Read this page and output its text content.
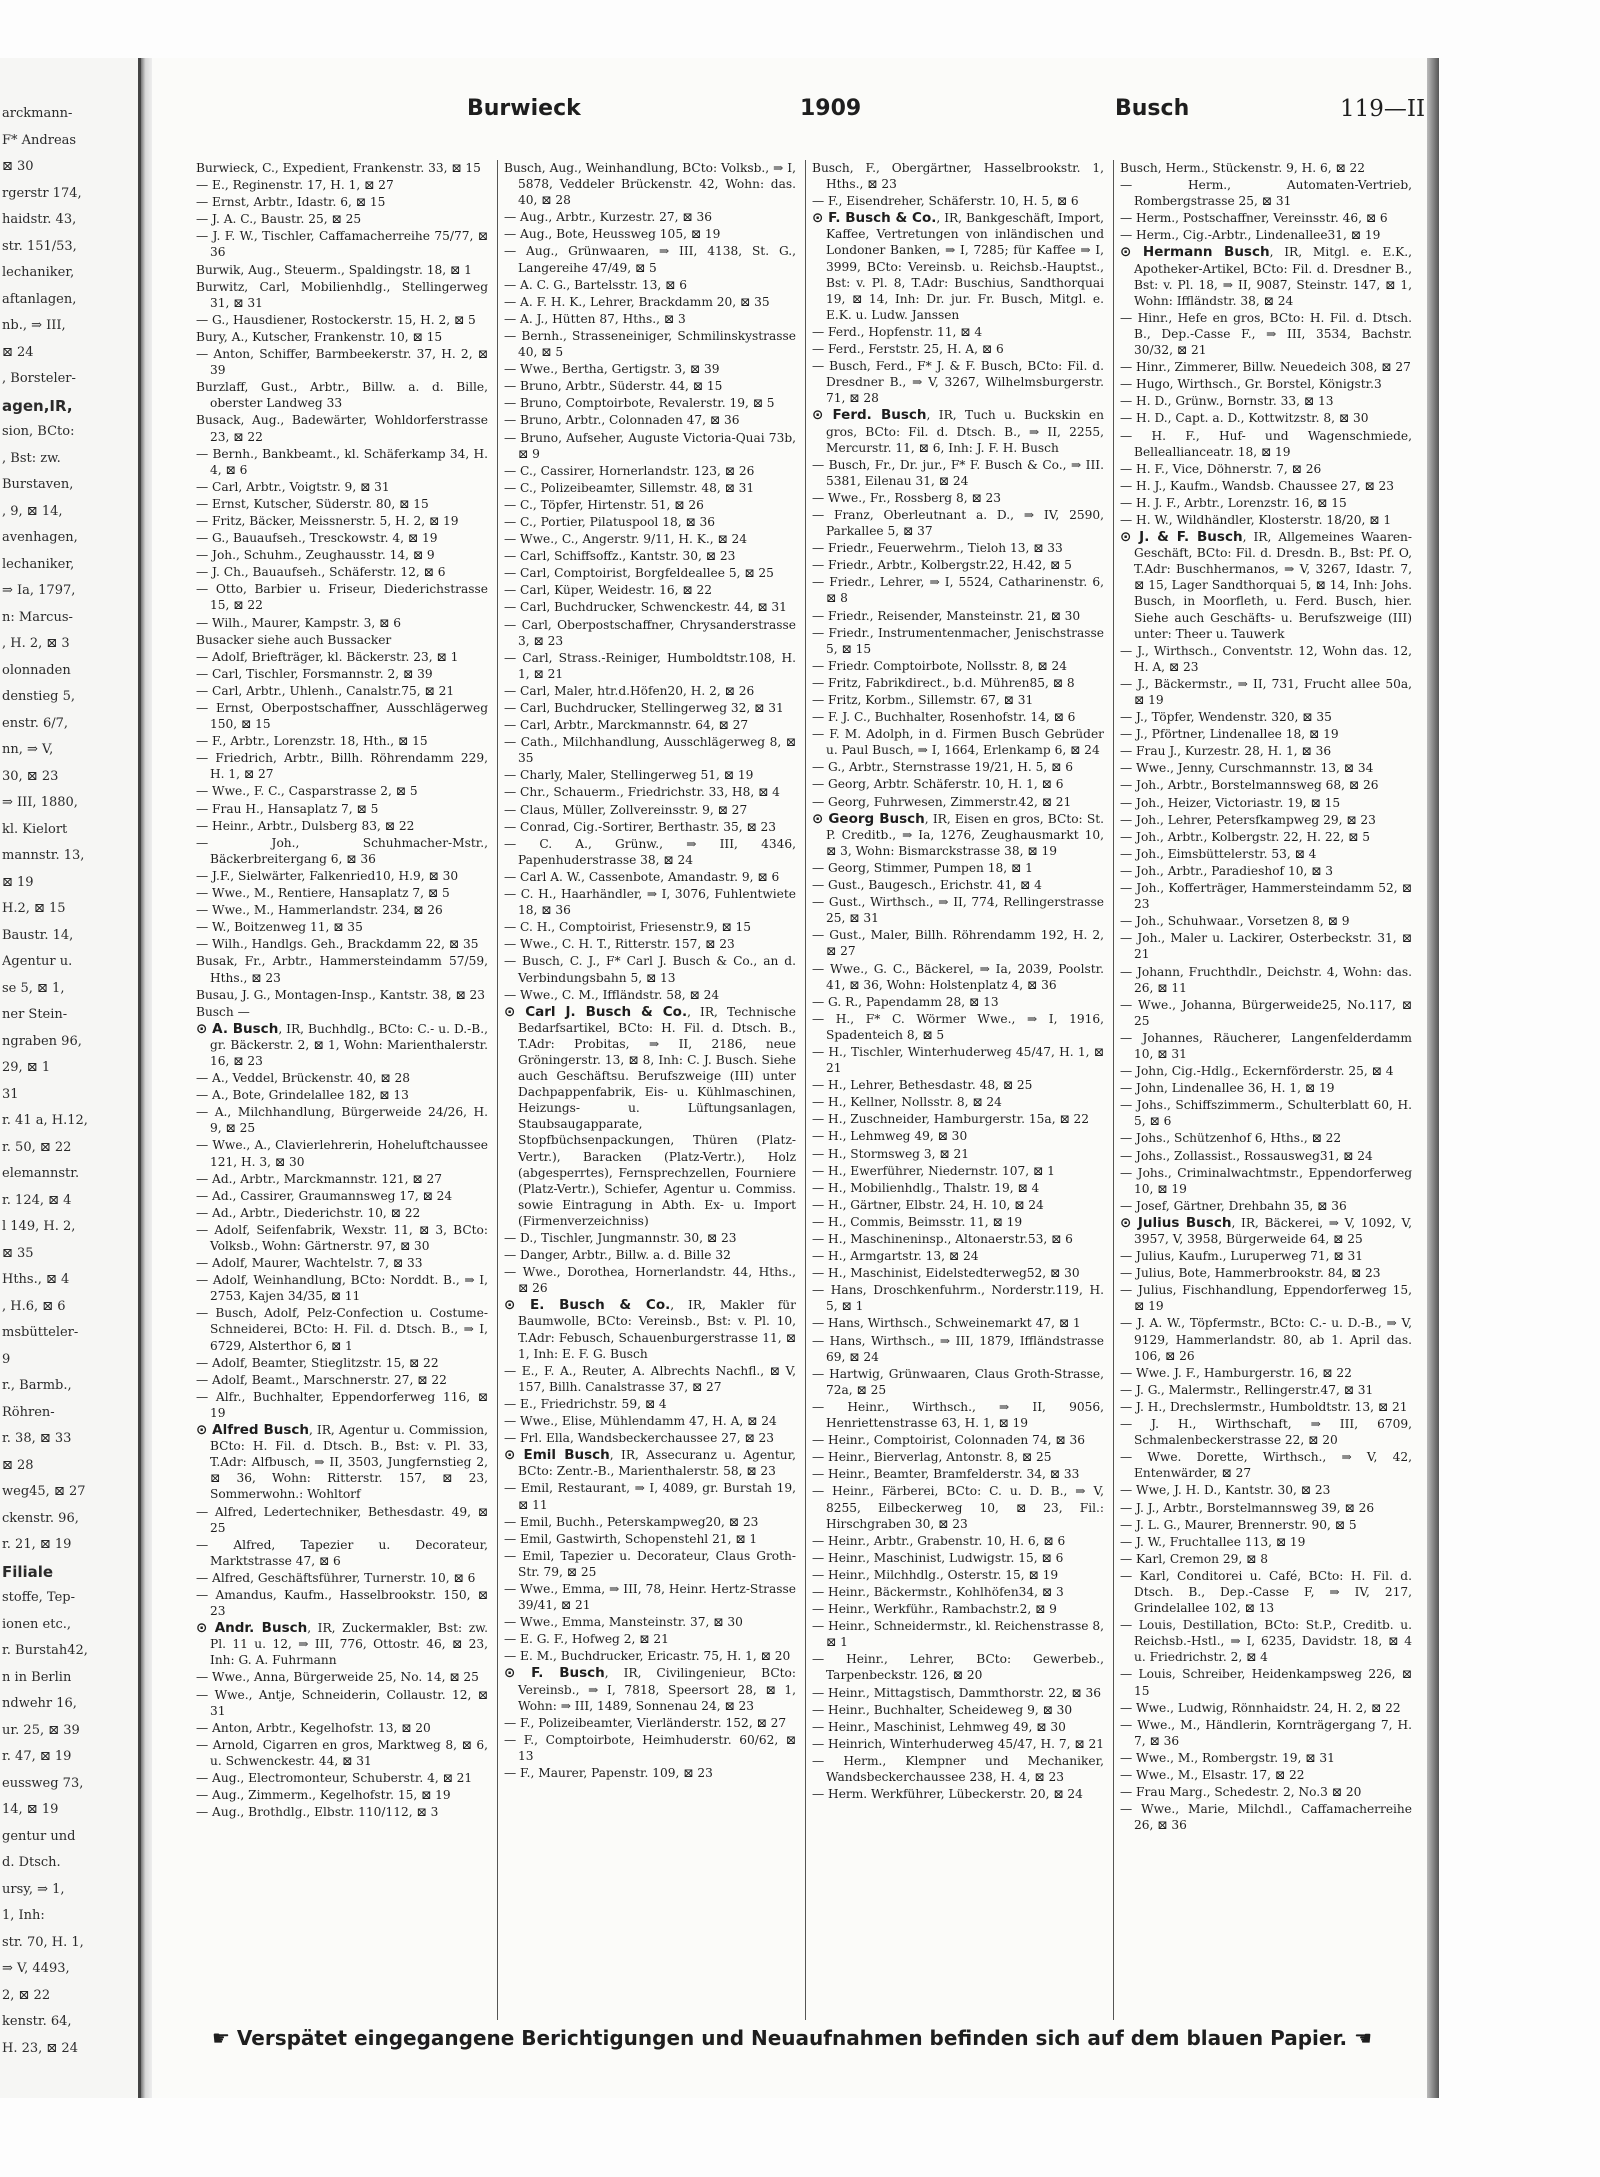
arckmann-
F* Andreas
⊠ 30
rgerstr 174,
haidstr. 43,
str. 151/53,
lechaniker,
aftanlagen,
nb., ⇒ III,
⊠ 24
, Borsteler-
agen,IR,
sion, BCto:
, Bst: zw.
Burstaven,
, 9, ⊠ 14,
avenhagen,
lechaniker,
⇒ Ia, 1797,
n: Marcus-
, H. 2, ⊠ 3
olonnaden
denstieg 5,
enstr. 6/7,
nn, ⇒ V,
30, ⊠ 23
⇒ III, 1880,
kl. Kielort
mannstr. 13,
⊠ 19
H.2, ⊠ 15
Baustr. 14,
Agentur u.
se 5, ⊠ 1,
ner Stein-
ngraben 96,
29, ⊠ 1
31
r. 41 a, H.12,
r. 50, ⊠ 22
elemannstr.
r. 124, ⊠ 4
l 149, H. 2,
⊠ 35
Hths., ⊠ 4
, H.6, ⊠ 6
msbütteler-
9
r., Barmb.,
Röhren-
r. 38, ⊠ 33
⊠ 28
weg45, ⊠ 27
ckenstr. 96,
r. 21, ⊠ 19
Filiale
stoffe, Tep-
ionen etc.,
r. Burstah42,
n in Berlin
ndwehr 16,
ur. 25, ⊠ 39
r. 47, ⊠ 19
eussweg 73,
14, ⊠ 19
gentur und
d. Dtsch.
ursy, ⇒ 1,
1, Inh:
str. 70, H. 1,
⇒ V, 4493,
2, ⊠ 22
kenstr. 64,
H. 23, ⊠ 24
Burwieck	1909	Busch	119—II
Burwieck, C., Expedient, Frankenstr. 33, ⊠ 15
— E., Reginenstr. 17, H. 1, ⊠ 27
— Ernst, Arbtr., Idastr. 6, ⊠ 15
— J. A. C., Baustr. 25, ⊠ 25
— J. F. W., Tischler, Caffamacherreihe 75/77, ⊠ 36
Burwik, Aug., Steuerm., Spaldingstr. 18, ⊠ 1
Burwitz, Carl, Mobilienhdlg., Stellingerweg 31, ⊠ 31
— G., Hausdiener, Rostockerstr. 15, H. 2, ⊠ 5
Bury, A., Kutscher, Frankenstr. 10, ⊠ 15
— Anton, Schiffer, Barmbeekerstr. 37, H. 2, ⊠ 39
Burzlaff, Gust., Arbtr., Billw. a. d. Bille, oberster Landweg 33
Busack, Aug., Badewärter, Wohldorferstrasse 23, ⊠ 22
— Bernh., Bankbeamt., kl. Schäferkamp 34, H. 4, ⊠ 6
— Carl, Arbtr., Voigtstr. 9, ⊠ 31
— Ernst, Kutscher, Süderstr. 80, ⊠ 15
— Fritz, Bäcker, Meissnerstr. 5, H. 2, ⊠ 19
— G., Bauaufseh., Tresckowstr. 4, ⊠ 19
— Joh., Schuhm., Zeughausstr. 14, ⊠ 9
— J. Ch., Bauaufseh., Schäferstr. 12, ⊠ 6
— Otto, Barbier u. Friseur, Diederichstrasse 15, ⊠ 22
— Wilh., Maurer, Kampstr. 3, ⊠ 6
Busacker siehe auch Bussacker
— Adolf, Briefträger, kl. Bäckerstr. 23, ⊠ 1
— Carl, Tischler, Forsmannstr. 2, ⊠ 39
— Carl, Arbtr., Uhlenh., Canalstr.75, ⊠ 21
— Ernst, Oberpostschaffner, Ausschlägerweg 150, ⊠ 15
— F., Arbtr., Lorenzstr. 18, Hth., ⊠ 15
— Friedrich, Arbtr., Billh. Röhrendamm 229, H. 1, ⊠ 27
— Wwe., F. C., Casparstrasse 2, ⊠ 5
— Frau H., Hansaplatz 7, ⊠ 5
— Heinr., Arbtr., Dulsberg 83, ⊠ 22
— Joh., Schuhmacher-Mstr., Bäckerbreitergang 6, ⊠ 36
— J.F., Sielwärter, Falkenried10, H.9, ⊠ 30
— Wwe., M., Rentiere, Hansaplatz 7, ⊠ 5
— Wwe., M., Hammerlandstr. 234, ⊠ 26
— W., Boitzenweg 11, ⊠ 35
— Wilh., Handlgs. Geh., Brackdamm 22, ⊠ 35
Busak, Fr., Arbtr., Hammersteindamm 57/59, Hths., ⊠ 23
Busau, J. G., Montagen-Insp., Kantstr. 38, ⊠ 23
Busch —
⊙ A. Busch, IR, Buchhdlg., BCto: C.- u. D.-B., gr. Bäckerstr. 2, ⊠ 1, Wohn: Marienthalerstr. 16, ⊠ 23
— A., Veddel, Brückenstr. 40, ⊠ 28
— A., Bote, Grindelallee 182, ⊠ 13
— A., Milchhandlung, Bürgerweide 24/26, H. 9, ⊠ 25
— Wwe., A., Clavierlehrerin, Hoheluftchaussee 121, H. 3, ⊠ 30
— Ad., Arbtr., Marckmannstr. 121, ⊠ 27
— Ad., Cassirer, Graumannsweg 17, ⊠ 24
— Ad., Arbtr., Diederichstr. 10, ⊠ 22
— Adolf, Seifenfabrik, Wexstr. 11, ⊠ 3, BCto: Volksb., Wohn: Gärtnerstr. 97, ⊠ 30
— Adolf, Maurer, Wachtelstr. 7, ⊠ 33
— Adolf, Weinhandlung, BCto: Norddt. B., ⇒ I, 2753, Kajen 34/35, ⊠ 11
— Busch, Adolf, Pelz-Confection u. Costume-Schneiderei, BCto: H. Fil. d. Dtsch. B., ⇒ I, 6729, Alsterthor 6, ⊠ 1
— Adolf, Beamter, Stieglitzstr. 15, ⊠ 22
— Adolf, Beamt., Marschnerstr. 27, ⊠ 22
— Alfr., Buchhalter, Eppendorferweg 116, ⊠ 19
⊙ Alfred Busch, IR, Agentur u. Commission, BCto: H. Fil. d. Dtsch. B., Bst: v. Pl. 33, T.Adr: Alfbusch, ⇒ II, 3503, Jungfernstieg 2, ⊠ 36, Wohn: Ritterstr. 157, ⊠ 23, Sommerwohn.: Wohltorf
— Alfred, Ledertechniker, Bethesdastr. 49, ⊠ 25
— Alfred, Tapezier u. Decorateur, Marktstrasse 47, ⊠ 6
— Alfred, Geschäftsführer, Turnerstr. 10, ⊠ 6
— Amandus, Kaufm., Hasselbrookstr. 150, ⊠ 23
⊙ Andr. Busch, IR, Zuckermakler, Bst: zw. Pl. 11 u. 12, ⇒ III, 776, Ottostr. 46, ⊠ 23, Inh: G. A. Fuhrmann
— Wwe., Anna, Bürgerweide 25, No. 14, ⊠ 25
— Wwe., Antje, Schneiderin, Collaustr. 12, ⊠ 31
— Anton, Arbtr., Kegelhofstr. 13, ⊠ 20
— Arnold, Cigarren en gros, Marktweg 8, ⊠ 6, u. Schwenckestr. 44, ⊠ 31
— Aug., Electromonteur, Schuberstr. 4, ⊠ 21
— Aug., Zimmerm., Kegelhofstr. 15, ⊠ 19
— Aug., Brothdlg., Elbstr. 110/112, ⊠ 3
Busch, Aug., Weinhandlung, BCto: Volksb., ⇒ I, 5878, Veddeler Brückenstr. 42, Wohn: das. 40, ⊠ 28
— Aug., Arbtr., Kurzestr. 27, ⊠ 36
— Aug., Bote, Heussweg 105, ⊠ 19
— Aug., Grünwaaren, ⇒ III, 4138, St. G., Langereihe 47/49, ⊠ 5
— A. C. G., Bartelsstr. 13, ⊠ 6
— A. F. H. K., Lehrer, Brackdamm 20, ⊠ 35
— A. J., Hütten 87, Hths., ⊠ 3
— Bernh., Strasseneiniger, Schmilinskystrasse 40, ⊠ 5
— Wwe., Bertha, Gertigstr. 3, ⊠ 39
— Bruno, Arbtr., Süderstr. 44, ⊠ 15
— Bruno, Comptoirbote, Revalerstr. 19, ⊠ 5
— Bruno, Arbtr., Colonnaden 47, ⊠ 36
— Bruno, Aufseher, Auguste Victoria-Quai 73b, ⊠ 9
— C., Cassirer, Hornerlandstr. 123, ⊠ 26
— C., Polizeibeamter, Sillemstr. 48, ⊠ 31
— C., Töpfer, Hirtenstr. 51, ⊠ 26
— C., Portier, Pilatuspool 18, ⊠ 36
— Wwe., C., Angerstr. 9/11, H. K., ⊠ 24
— Carl, Schiffsoffz., Kantstr. 30, ⊠ 23
— Carl, Comptoirist, Borgfeldeallee 5, ⊠ 25
— Carl, Küper, Weidestr. 16, ⊠ 22
— Carl, Buchdrucker, Schwenckestr. 44, ⊠ 31
— Carl, Oberpostschaffner, Chrysanderstrasse 3, ⊠ 23
— Carl, Strass.-Reiniger, Humboldtstr.108, H. 1, ⊠ 21
— Carl, Maler, htr.d.Höfen20, H. 2, ⊠ 26
— Carl, Buchdrucker, Stellingerweg 32, ⊠ 31
— Carl, Arbtr., Marckmannstr. 64, ⊠ 27
— Cath., Milchhandlung, Ausschlägerweg 8, ⊠ 35
— Charly, Maler, Stellingerweg 51, ⊠ 19
— Chr., Schauerm., Friedrichstr. 33, H8, ⊠ 4
— Claus, Müller, Zollvereinsstr. 9, ⊠ 27
— Conrad, Cig.-Sortirer, Berthastr. 35, ⊠ 23
— C. A., Grünw., ⇒ III, 4346, Papenhuderstrasse 38, ⊠ 24
— Carl A. W., Cassenbote, Amandastr. 9, ⊠ 6
— C. H., Haarhändler, ⇒ I, 3076, Fuhlentwiete 18, ⊠ 36
— C. H., Comptoirist, Friesenstr.9, ⊠ 15
— Wwe., C. H. T., Ritterstr. 157, ⊠ 23
— Busch, C. J., F* Carl J. Busch & Co., an d. Verbindungsbahn 5, ⊠ 13
— Wwe., C. M., Iffländstr. 58, ⊠ 24
⊙ Carl J. Busch & Co., IR, Technische Bedarfsartikel, BCto: H. Fil. d. Dtsch. B., T.Adr: Probitas, ⇒ II, 2186, neue Gröningerstr. 13, ⊠ 8, Inh: C. J. Busch. Siehe auch Geschäftsu. Berufszweige (III) unter Dachpappenfabrik, Eis- u. Kühlmaschinen, Heizungs- u. Lüftungsanlagen, Staubsaugapparate, Stopfbüchsenpackungen, Thüren (Platz-Vertr.), Baracken (Platz-Vertr.), Holz (abgesperrtes), Fernsprechzellen, Fourniere (Platz-Vertr.), Schiefer, Agentur u. Commiss. sowie Eintragung in Abth. Ex- u. Import (Firmenverzeichniss)
— D., Tischler, Jungmannstr. 30, ⊠ 23
— Danger, Arbtr., Billw. a. d. Bille 32
— Wwe., Dorothea, Hornerlandstr. 44, Hths., ⊠ 26
⊙ E. Busch & Co., IR, Makler für Baumwolle, BCto: Vereinsb., Bst: v. Pl. 10, T.Adr: Febusch, Schauenburgerstrasse 11, ⊠ 1, Inh: E. F. G. Busch
— E., F. A., Reuter, A. Albrechts Nachfl., ⊠ V, 157, Billh. Canalstrasse 37, ⊠ 27
— E., Friedrichstr. 59, ⊠ 4
— Wwe., Elise, Mühlendamm 47, H. A, ⊠ 24
— Frl. Ella, Wandsbeckerchaussee 27, ⊠ 23
⊙ Emil Busch, IR, Assecuranz u. Agentur, BCto: Zentr.-B., Marienthalerstr. 58, ⊠ 23
— Emil, Restaurant, ⇒ I, 4089, gr. Burstah 19, ⊠ 11
— Emil, Buchh., Peterskampweg20, ⊠ 23
— Emil, Gastwirth, Schopenstehl 21, ⊠ 1
— Emil, Tapezier u. Decorateur, Claus Groth-Str. 79, ⊠ 25
— Wwe., Emma, ⇒ III, 78, Heinr. Hertz-Strasse 39/41, ⊠ 21
— Wwe., Emma, Mansteinstr. 37, ⊠ 30
— E. G. F., Hofweg 2, ⊠ 21
— E. M., Buchdrucker, Ericastr. 75, H. 1, ⊠ 20
⊙ F. Busch, IR, Civilingenieur, BCto: Vereinsb., ⇒ I, 7818, Speersort 28, ⊠ 1, Wohn: ⇒ III, 1489, Sonnenau 24, ⊠ 23
— F., Polizeibeamter, Vierländerstr. 152, ⊠ 27
— F., Comptoirbote, Heimhuderstr. 60/62, ⊠ 13
— F., Maurer, Papenstr. 109, ⊠ 23
Busch, F., Obergärtner, Hasselbrookstr. 1, Hths., ⊠ 23
— F., Eisendreher, Schäferstr. 10, H. 5, ⊠ 6
⊙ F. Busch & Co., IR, Bankgeschäft, Import, Kaffee, Vertretungen von inländischen und Londoner Banken, ⇒ I, 7285; für Kaffee ⇒ I, 3999, BCto: Vereinsb. u. Reichsb.-Hauptst., Bst: v. Pl. 8, T.Adr: Buschius, Sandthorquai 19, ⊠ 14, Inh: Dr. jur. Fr. Busch, Mitgl. e. E.K. u. Ludw. Janssen
— Ferd., Hopfenstr. 11, ⊠ 4
— Ferd., Ferststr. 25, H. A, ⊠ 6
— Busch, Ferd., F* J. & F. Busch, BCto: Fil. d. Dresdner B., ⇒ V, 3267, Wilhelmsburgerstr. 71, ⊠ 28
⊙ Ferd. Busch, IR, Tuch u. Buckskin en gros, BCto: Fil. d. Dtsch. B., ⇒ II, 2255, Mercurstr. 11, ⊠ 6, Inh: J. F. H. Busch
— Busch, Fr., Dr. jur., F* F. Busch & Co., ⇒ III. 5381, Eilenau 31, ⊠ 24
— Wwe., Fr., Rossberg 8, ⊠ 23
— Franz, Oberleutnant a. D., ⇒ IV, 2590, Parkallee 5, ⊠ 37
— Friedr., Feuerwehrm., Tieloh 13, ⊠ 33
— Friedr., Arbtr., Kolbergstr.22, H.42, ⊠ 5
— Friedr., Lehrer, ⇒ I, 5524, Catharinenstr. 6, ⊠ 8
— Friedr., Reisender, Mansteinstr. 21, ⊠ 30
— Friedr., Instrumentenmacher, Jenischstrasse 5, ⊠ 15
— Friedr. Comptoirbote, Nollsstr. 8, ⊠ 24
— Fritz, Fabrikdirect., b.d. Mühren85, ⊠ 8
— Fritz, Korbm., Sillemstr. 67, ⊠ 31
— F. J. C., Buchhalter, Rosenhofstr. 14, ⊠ 6
— F. M. Adolph, in d. Firmen Busch Gebrüder u. Paul Busch, ⇒ I, 1664, Erlenkamp 6, ⊠ 24
— G., Arbtr., Sternstrasse 19/21, H. 5, ⊠ 6
— Georg, Arbtr. Schäferstr. 10, H. 1, ⊠ 6
— Georg, Fuhrwesen, Zimmerstr.42, ⊠ 21
⊙ Georg Busch, IR, Eisen en gros, BCto: St. P. Creditb., ⇒ Ia, 1276, Zeughausmarkt 10, ⊠ 3, Wohn: Bismarckstrasse 38, ⊠ 19
— Georg, Stimmer, Pumpen 18, ⊠ 1
— Gust., Baugesch., Erichstr. 41, ⊠ 4
— Gust., Wirthsch., ⇒ II, 774, Rellingerstrasse 25, ⊠ 31
— Gust., Maler, Billh. Röhrendamm 192, H. 2, ⊠ 27
— Wwe., G. C., Bäckerel, ⇒ Ia, 2039, Poolstr. 41, ⊠ 36, Wohn: Holstenplatz 4, ⊠ 36
— G. R., Papendamm 28, ⊠ 13
— H., F* C. Wörmer Wwe., ⇒ I, 1916, Spadenteich 8, ⊠ 5
— H., Tischler, Winterhuderweg 45/47, H. 1, ⊠ 21
— H., Lehrer, Bethesdastr. 48, ⊠ 25
— H., Kellner, Nollsstr. 8, ⊠ 24
— H., Zuschneider, Hamburgerstr. 15a, ⊠ 22
— H., Lehmweg 49, ⊠ 30
— H., Stormsweg 3, ⊠ 21
— H., Ewerführer, Niedernstr. 107, ⊠ 1
— H., Mobilienhdlg., Thalstr. 19, ⊠ 4
— H., Gärtner, Elbstr. 24, H. 10, ⊠ 24
— H., Commis, Beimsstr. 11, ⊠ 19
— H., Maschineninsp., Altonaerstr.53, ⊠ 6
— H., Armgartstr. 13, ⊠ 24
— H., Maschinist, Eidelstedterweg52, ⊠ 30
— Hans, Droschkenfuhrm., Norderstr.119, H. 5, ⊠ 1
— Hans, Wirthsch., Schweinemarkt 47, ⊠ 1
— Hans, Wirthsch., ⇒ III, 1879, Iffländstrasse 69, ⊠ 24
— Hartwig, Grünwaaren, Claus Groth-Strasse, 72a, ⊠ 25
— Heinr., Wirthsch., ⇒ II, 9056, Henriettenstrasse 63, H. 1, ⊠ 19
— Heinr., Comptoirist, Colonnaden 74, ⊠ 36
— Heinr., Bierverlag, Antonstr. 8, ⊠ 25
— Heinr., Beamter, Bramfelderstr. 34, ⊠ 33
— Heinr., Färberei, BCto: C. u. D. B., ⇒ V, 8255, Eilbeckerweg 10, ⊠ 23, Fil.: Hirschgraben 30, ⊠ 23
— Heinr., Arbtr., Grabenstr. 10, H. 6, ⊠ 6
— Heinr., Maschinist, Ludwigstr. 15, ⊠ 6
— Heinr., Milchhdlg., Osterstr. 15, ⊠ 19
— Heinr., Bäckermstr., Kohlhöfen34, ⊠ 3
— Heinr., Werkführ., Rambachstr.2, ⊠ 9
— Heinr., Schneidermstr., kl. Reichenstrasse 8, ⊠ 1
— Heinr., Lehrer, BCto: Gewerbeb., Tarpenbeckstr. 126, ⊠ 20
— Heinr., Mittagstisch, Dammthorstr. 22, ⊠ 36
— Heinr., Buchhalter, Scheideweg 9, ⊠ 30
— Heinr., Maschinist, Lehmweg 49, ⊠ 30
— Heinrich, Winterhuderweg 45/47, H. 7, ⊠ 21
— Herm., Klempner und Mechaniker, Wandsbeckerchaussee 238, H. 4, ⊠ 23
— Herm. Werkführer, Lübeckerstr. 20, ⊠ 24
Busch, Herm., Stückenstr. 9, H. 6, ⊠ 22
— Herm., Automaten-Vertrieb, Rombergstrasse 25, ⊠ 31
— Herm., Postschaffner, Vereinsstr. 46, ⊠ 6
— Herm., Cig.-Arbtr., Lindenallee31, ⊠ 19
⊙ Hermann Busch, IR, Mitgl. e. E.K., Apotheker-Artikel, BCto: Fil. d. Dresdner B., Bst: v. Pl. 18, ⇒ II, 9087, Steinstr. 147, ⊠ 1, Wohn: Iffländstr. 38, ⊠ 24
— Hinr., Hefe en gros, BCto: H. Fil. d. Dtsch. B., Dep.-Casse F., ⇒ III, 3534, Bachstr. 30/32, ⊠ 21
— Hinr., Zimmerer, Billw. Neuedeich 308, ⊠ 27
— Hugo, Wirthsch., Gr. Borstel, Königstr.3
— H. D., Grünw., Bornstr. 33, ⊠ 13
— H. D., Capt. a. D., Kottwitzstr. 8, ⊠ 30
— H. F., Huf- und Wagenschmiede, Belleallianceatr. 18, ⊠ 19
— H. F., Vice, Döhnerstr. 7, ⊠ 26
— H. J., Kaufm., Wandsb. Chaussee 27, ⊠ 23
— H. J. F., Arbtr., Lorenzstr. 16, ⊠ 15
— H. W., Wildhändler, Klosterstr. 18/20, ⊠ 1
⊙ J. & F. Busch, IR, Allgemeines Waaren-Geschäft, BCto: Fil. d. Dresdn. B., Bst: Pf. O, T.Adr: Buschhermanos, ⇒ V, 3267, Idastr. 7, ⊠ 15, Lager Sandthorquai 5, ⊠ 14, Inh: Johs. Busch, in Moorfleth, u. Ferd. Busch, hier. Siehe auch Geschäfts- u. Berufszweige (III) unter: Theer u. Tauwerk
— J., Wirthsch., Conventstr. 12, Wohn das. 12, H. A, ⊠ 23
— J., Bäckermstr., ⇒ II, 731, Frucht allee 50a, ⊠ 19
— J., Töpfer, Wendenstr. 320, ⊠ 35
— J., Pförtner, Lindenallee 18, ⊠ 19
— Frau J., Kurzestr. 28, H. 1, ⊠ 36
— Wwe., Jenny, Curschmannstr. 13, ⊠ 34
— Joh., Arbtr., Borstelmannsweg 68, ⊠ 26
— Joh., Heizer, Victoriastr. 19, ⊠ 15
— Joh., Lehrer, Petersfkampweg 29, ⊠ 23
— Joh., Arbtr., Kolbergstr. 22, H. 22, ⊠ 5
— Joh., Eimsbüttelerstr. 53, ⊠ 4
— Joh., Arbtr., Paradieshof 10, ⊠ 3
— Joh., Kofferträger, Hammersteindamm 52, ⊠ 23
— Joh., Schuhwaar., Vorsetzen 8, ⊠ 9
— Joh., Maler u. Lackirer, Osterbeckstr. 31, ⊠ 21
— Johann, Fruchthdlr., Deichstr. 4, Wohn: das. 26, ⊠ 11
— Wwe., Johanna, Bürgerweide25, No.117, ⊠ 25
— Johannes, Räucherer, Langenfelderdamm 10, ⊠ 31
— John, Cig.-Hdlg., Eckernförderstr. 25, ⊠ 4
— John, Lindenallee 36, H. 1, ⊠ 19
— Johs., Schiffszimmerm., Schulterblatt 60, H. 5, ⊠ 6
— Johs., Schützenhof 6, Hths., ⊠ 22
— Johs., Zollassist., Rossausweg31, ⊠ 24
— Johs., Criminalwachtmstr., Eppendorferweg 10, ⊠ 19
— Josef, Gärtner, Drehbahn 35, ⊠ 36
⊙ Julius Busch, IR, Bäckerei, ⇒ V, 1092, V, 3957, V, 3958, Bürgerweide 64, ⊠ 25
— Julius, Kaufm., Luruperweg 71, ⊠ 31
— Julius, Bote, Hammerbrookstr. 84, ⊠ 23
— Julius, Fischhandlung, Eppendorferweg 15, ⊠ 19
— J. A. W., Töpfermstr., BCto: C.- u. D.-B., ⇒ V, 9129, Hammerlandstr. 80, ab 1. April das. 106, ⊠ 26
— Wwe. J. F., Hamburgerstr. 16, ⊠ 22
— J. G., Malermstr., Rellingerstr.47, ⊠ 31
— J. H., Drechslermstr., Humboldtstr. 13, ⊠ 21
— J. H., Wirthschaft, ⇒ III, 6709, Schmalenbeckerstrasse 22, ⊠ 20
— Wwe. Dorette, Wirthsch., ⇒ V, 42, Entenwärder, ⊠ 27
— Wwe, J. H. D., Kantstr. 30, ⊠ 23
— J. J., Arbtr., Borstelmannsweg 39, ⊠ 26
— J. L. G., Maurer, Brennerstr. 90, ⊠ 5
— J. W., Fruchtallee 113, ⊠ 19
— Karl, Cremon 29, ⊠ 8
— Karl, Conditorei u. Café, BCto: H. Fil. d. Dtsch. B., Dep.-Casse F, ⇒ IV, 217, Grindelallee 102, ⊠ 13
— Louis, Destillation, BCto: St.P., Creditb. u. Reichsb.-Hstl., ⇒ I, 6235, Davidstr. 18, ⊠ 4 u. Friedrichstr. 2, ⊠ 4
— Louis, Schreiber, Heidenkampsweg 226, ⊠ 15
— Wwe., Ludwig, Rönnhaidstr. 24, H. 2, ⊠ 22
— Wwe., M., Händlerin, Kornträgergang 7, H. 7, ⊠ 36
— Wwe., M., Rombergstr. 19, ⊠ 31
— Wwe., M., Elsastr. 17, ⊠ 22
— Frau Marg., Schedestr. 2, No.3 ⊠ 20
— Wwe., Marie, Milchdl., Caffamacherreihe 26, ⊠ 36
☛ Verspätet eingegangene Berichtigungen und Neuaufnahmen befinden sich auf dem blauen Papier. ☚
